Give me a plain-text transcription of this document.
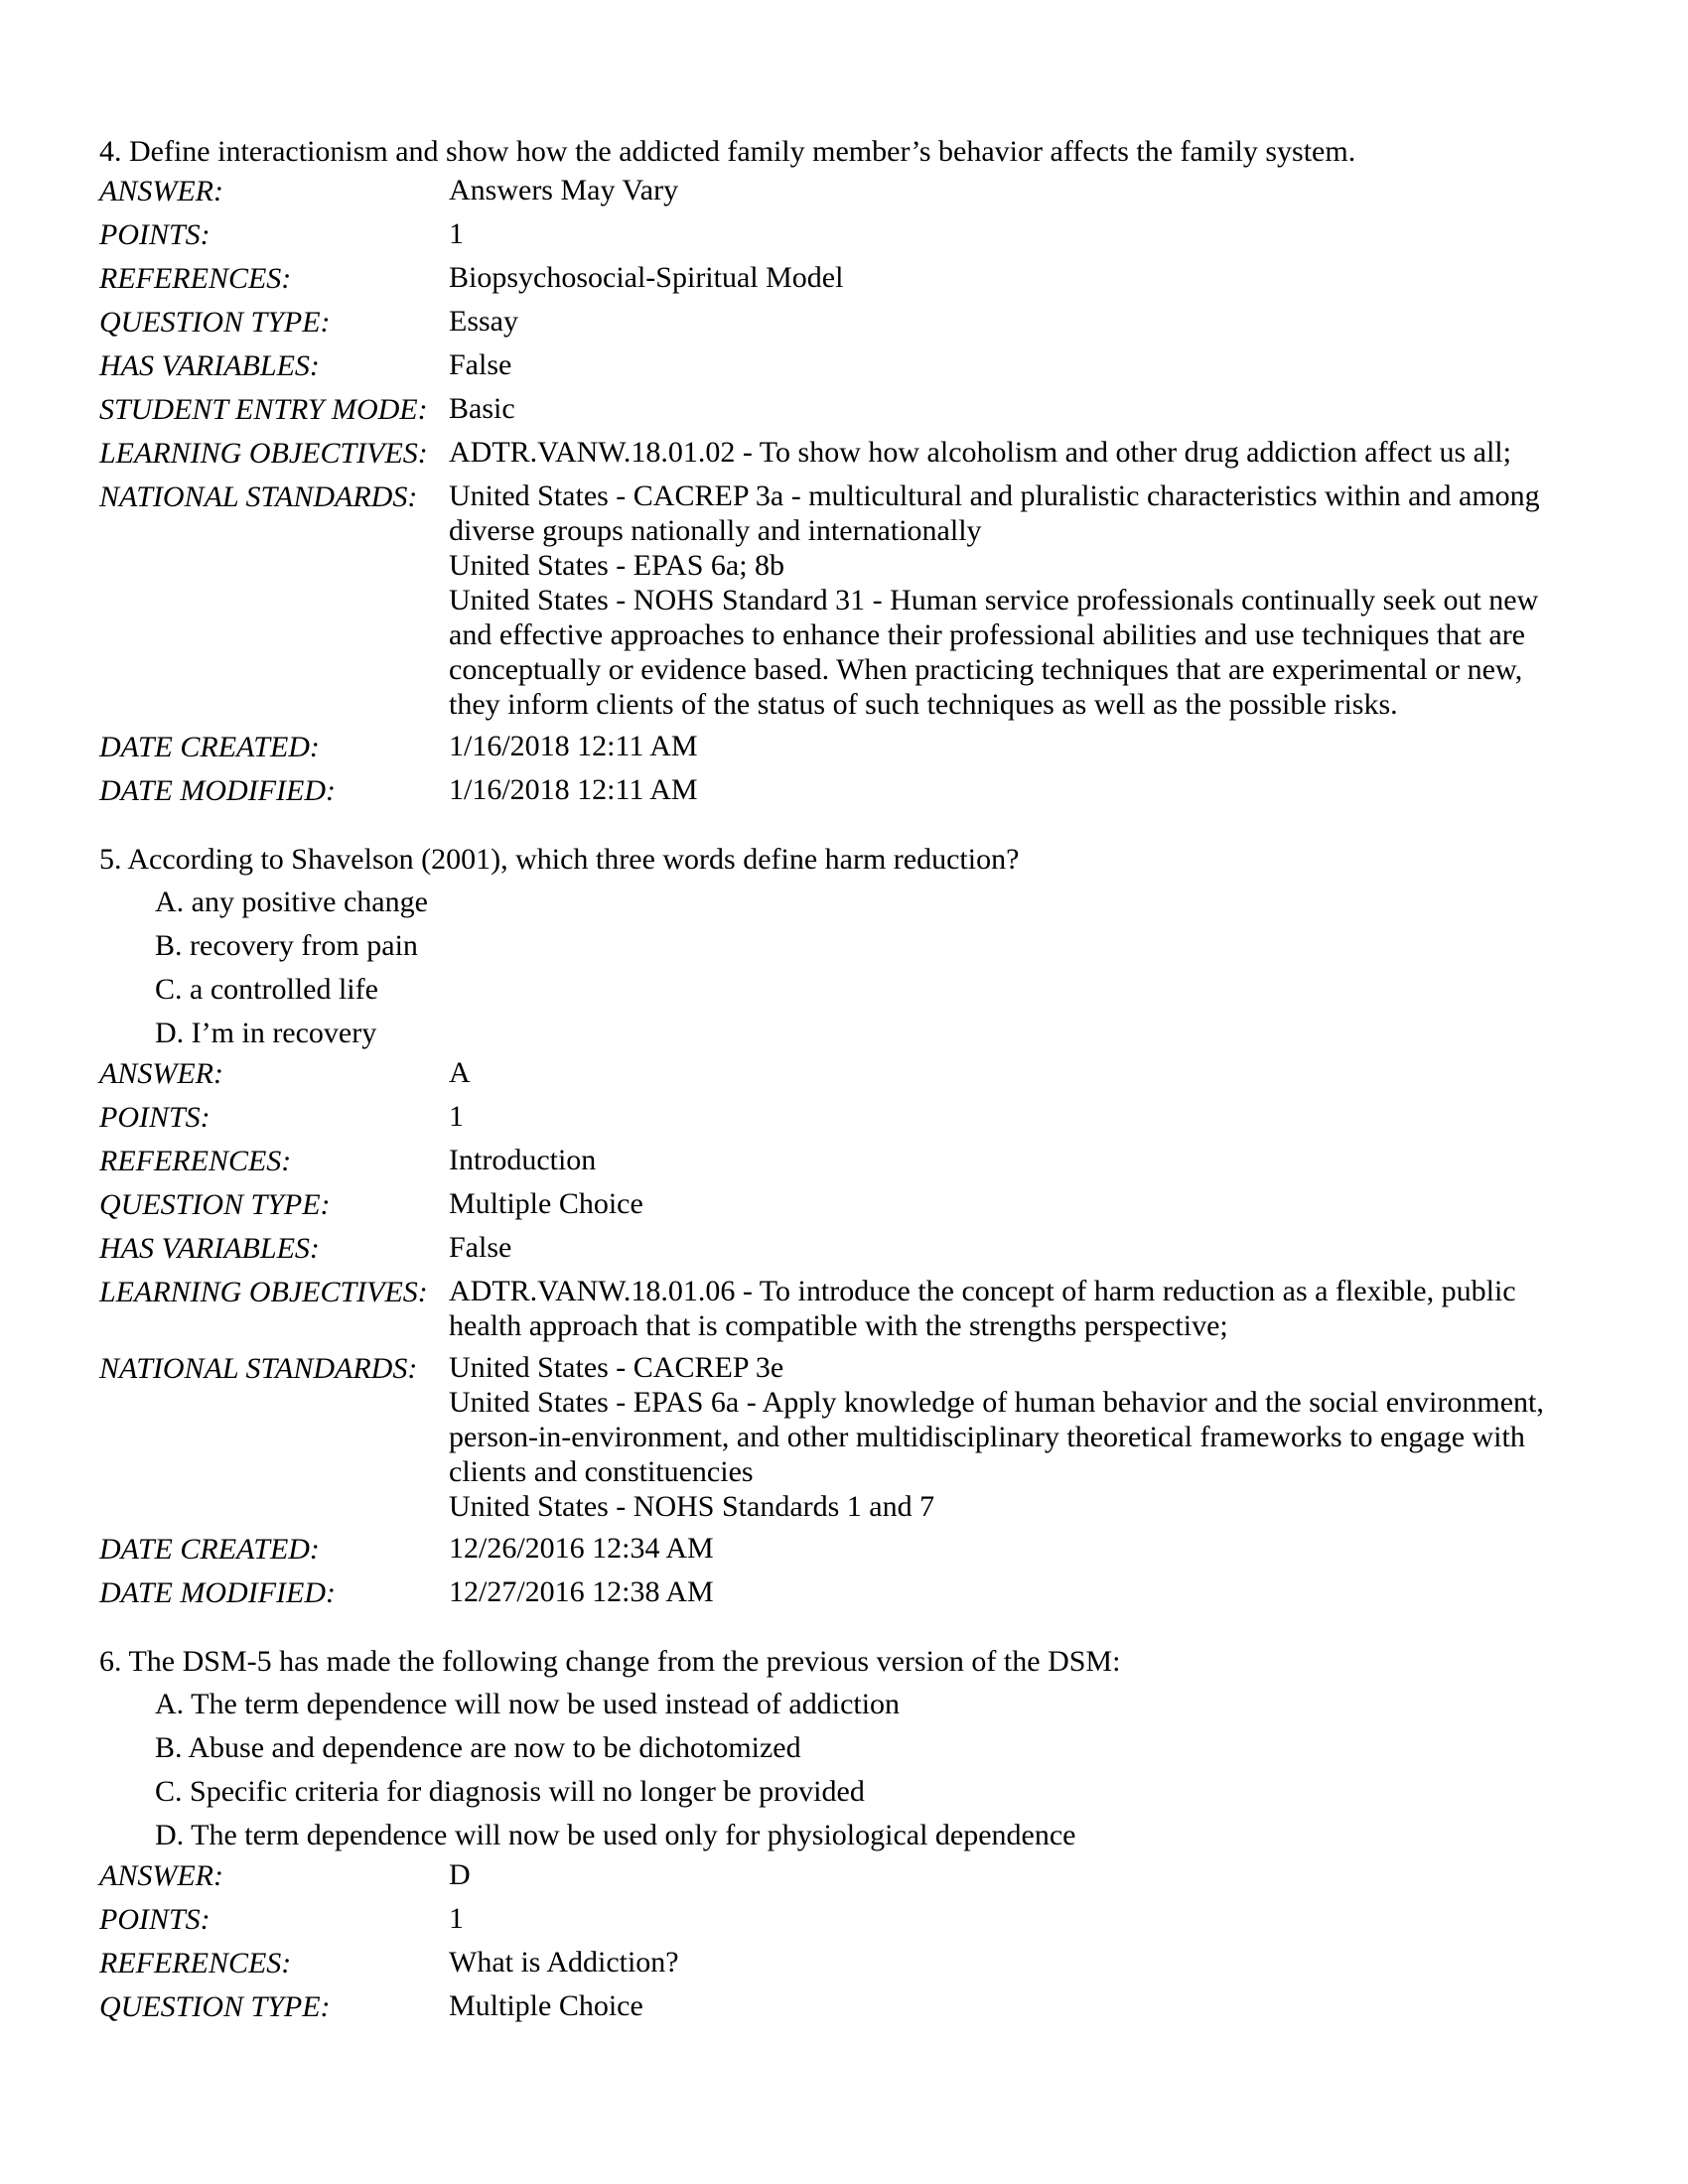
4. Define interactionism and show how the addicted family member’s behavior affects the family system.
ANSWER:	Answers May Vary
POINTS:	1
REFERENCES:	Biopsychosocial-Spiritual Model
QUESTION TYPE:	Essay
HAS VARIABLES:	False
STUDENT ENTRY MODE: Basic
LEARNING OBJECTIVES: ADTR.VANW.18.01.02 - To show how alcoholism and other drug addiction affect us all;
NATIONAL STANDARDS:	United States - CACREP 3a - multicultural and pluralistic characteristics within and among
diverse groups nationally and internationally
United States - EPAS 6a; 8b
United States - NOHS Standard 31 - Human service professionals continually seek out new
and effective approaches to enhance their professional abilities and use techniques that are
conceptually or evidence based. When practicing techniques that are experimental or new,
they inform clients of the status of such techniques as well as the possible risks.
DATE CREATED:	1/16/2018 12:11 AM
DATE MODIFIED:	1/16/2018 12:11 AM
5. According to Shavelson (2001), which three words define harm reduction?
A. any positive change
B. recovery from pain
C. a controlled life
D. I’m in recovery
ANSWER:	A
POINTS:	1
REFERENCES:	Introduction
QUESTION TYPE:	Multiple Choice
HAS VARIABLES:	False
LEARNING OBJECTIVES: ADTR.VANW.18.01.06 - To introduce the concept of harm reduction as a flexible, public
health approach that is compatible with the strengths perspective;
NATIONAL STANDARDS:	United States - CACREP 3e
United States - EPAS 6a - Apply knowledge of human behavior and the social environment,
person-in-environment, and other multidisciplinary theoretical frameworks to engage with
clients and constituencies
United States - NOHS Standards 1 and 7
DATE CREATED:	12/26/2016 12:34 AM
DATE MODIFIED:	12/27/2016 12:38 AM
6. The DSM-5 has made the following change from the previous version of the DSM:
A. The term dependence will now be used instead of addiction
B. Abuse and dependence are now to be dichotomized
C. Specific criteria for diagnosis will no longer be provided
D. The term dependence will now be used only for physiological dependence
ANSWER:	D
POINTS:	1
REFERENCES:	What is Addiction?
QUESTION TYPE:	Multiple Choice
